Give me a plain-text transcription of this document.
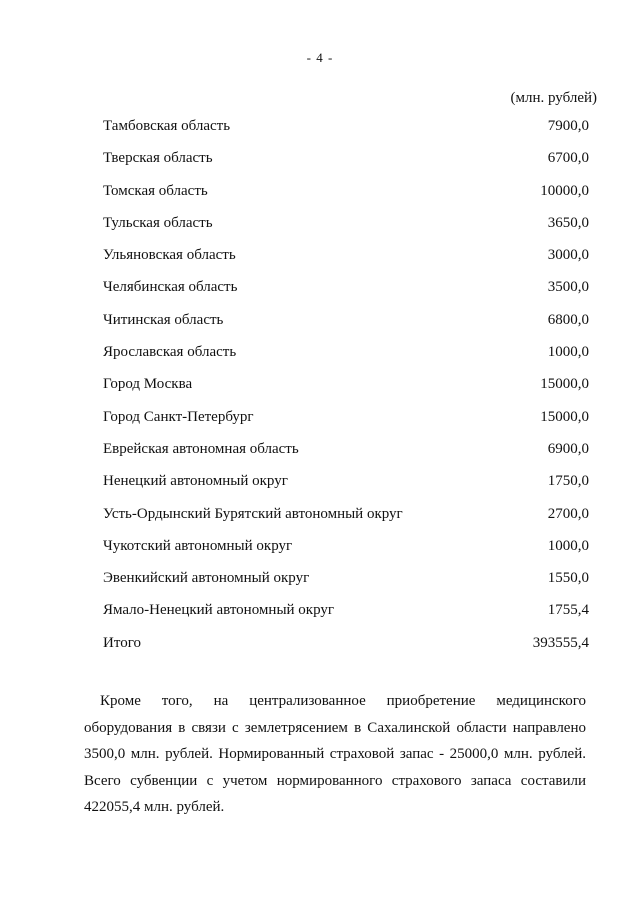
- 4 -
(млн. рублей)
Тамбовская область	7900,0
Тверская область	6700,0
Томская область	10000,0
Тульская область	3650,0
Ульяновская область	3000,0
Челябинская область	3500,0
Читинская область	6800,0
Ярославская область	1000,0
Город Москва	15000,0
Город Санкт-Петербург	15000,0
Еврейская автономная область	6900,0
Ненецкий автономный округ	1750,0
Усть-Ордынский Бурятский автономный округ	2700,0
Чукотский автономный округ	1000,0
Эвенкийский автономный округ	1550,0
Ямало-Ненецкий автономный округ	1755,4
Итого	393555,4
Кроме того, на централизованное приобретение медицинского
оборудования в связи с землетрясением в Сахалинской области направлено
3500,0 млн. рублей. Нормированный страховой запас - 25000,0 млн. рублей.
Всего субвенции с учетом нормированного страхового запаса составили
422055,4 млн. рублей.
